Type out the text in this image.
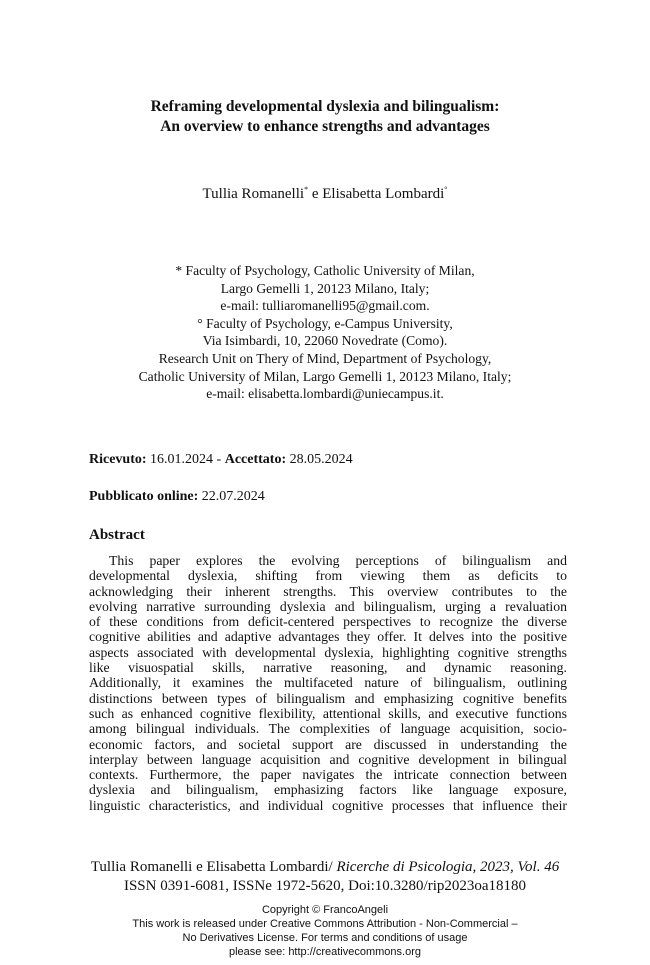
Reframing developmental dyslexia and bilingualism:
An overview to enhance strengths and advantages
Tullia Romanelli* e Elisabetta Lombardi°
* Faculty of Psychology, Catholic University of Milan,
Largo Gemelli 1, 20123 Milano, Italy;
e-mail: tulliaromanelli95@gmail.com.
° Faculty of Psychology, e-Campus University,
Via Isimbardi, 10, 22060 Novedrate (Como).
Research Unit on Thery of Mind, Department of Psychology,
Catholic University of Milan, Largo Gemelli 1, 20123 Milano, Italy;
e-mail: elisabetta.lombardi@uniecampus.it.
Ricevuto: 16.01.2024 - Accettato: 28.05.2024
Pubblicato online: 22.07.2024
Abstract
This paper explores the evolving perceptions of bilingualism and
developmental dyslexia, shifting from viewing them as deficits to
acknowledging their inherent strengths. This overview contributes to the
evolving narrative surrounding dyslexia and bilingualism, urging a revaluation
of these conditions from deficit-centered perspectives to recognize the diverse
cognitive abilities and adaptive advantages they offer. It delves into the positive
aspects associated with developmental dyslexia, highlighting cognitive strengths
like visuospatial skills, narrative reasoning, and dynamic reasoning.
Additionally, it examines the multifaceted nature of bilingualism, outlining
distinctions between types of bilingualism and emphasizing cognitive benefits
such as enhanced cognitive flexibility, attentional skills, and executive functions
among bilingual individuals. The complexities of language acquisition, socio-
economic factors, and societal support are discussed in understanding the
interplay between language acquisition and cognitive development in bilingual
contexts. Furthermore, the paper navigates the intricate connection between
dyslexia and bilingualism, emphasizing factors like language exposure,
linguistic characteristics, and individual cognitive processes that influence their
Tullia Romanelli e Elisabetta Lombardi/ Ricerche di Psicologia, 2023, Vol. 46
ISSN 0391-6081, ISSNe 1972-5620, Doi:10.3280/rip2023oa18180
Copyright © FrancoAngeli
This work is released under Creative Commons Attribution - Non-Commercial –
No Derivatives License. For terms and conditions of usage
please see: http://creativecommons.org
